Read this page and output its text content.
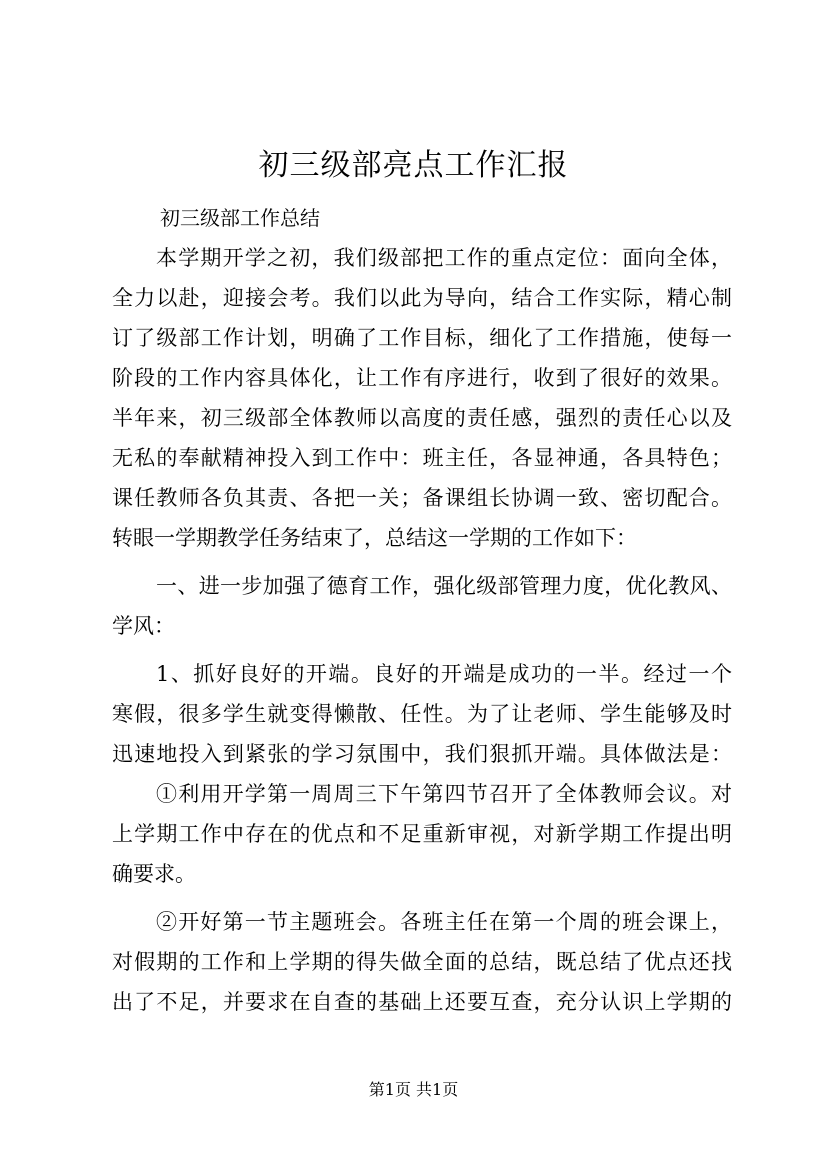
初三级部亮点工作汇报
初三级部工作总结
本学期开学之初，我们级部把工作的重点定位：面向全体，
全力以赴，迎接会考。我们以此为导向，结合工作实际，精心制
订了级部工作计划，明确了工作目标，细化了工作措施，使每一
阶段的工作内容具体化，让工作有序进行，收到了很好的效果。
半年来，初三级部全体教师以高度的责任感，强烈的责任心以及
无私的奉献精神投入到工作中：班主任，各显神通，各具特色；
课任教师各负其责、各把一关；备课组长协调一致、密切配合。
转眼一学期教学任务结束了，总结这一学期的工作如下：
一、进一步加强了德育工作，强化级部管理力度，优化教风、
学风：
1、抓好良好的开端。良好的开端是成功的一半。经过一个
寒假，很多学生就变得懒散、任性。为了让老师、学生能够及时
迅速地投入到紧张的学习氛围中，我们狠抓开端。具体做法是：
①利用开学第一周周三下午第四节召开了全体教师会议。对
上学期工作中存在的优点和不足重新审视，对新学期工作提出明
确要求。
②开好第一节主题班会。各班主任在第一个周的班会课上，
对假期的工作和上学期的得失做全面的总结，既总结了优点还找
出了不足，并要求在自查的基础上还要互查，充分认识上学期的
第1页 共1页
